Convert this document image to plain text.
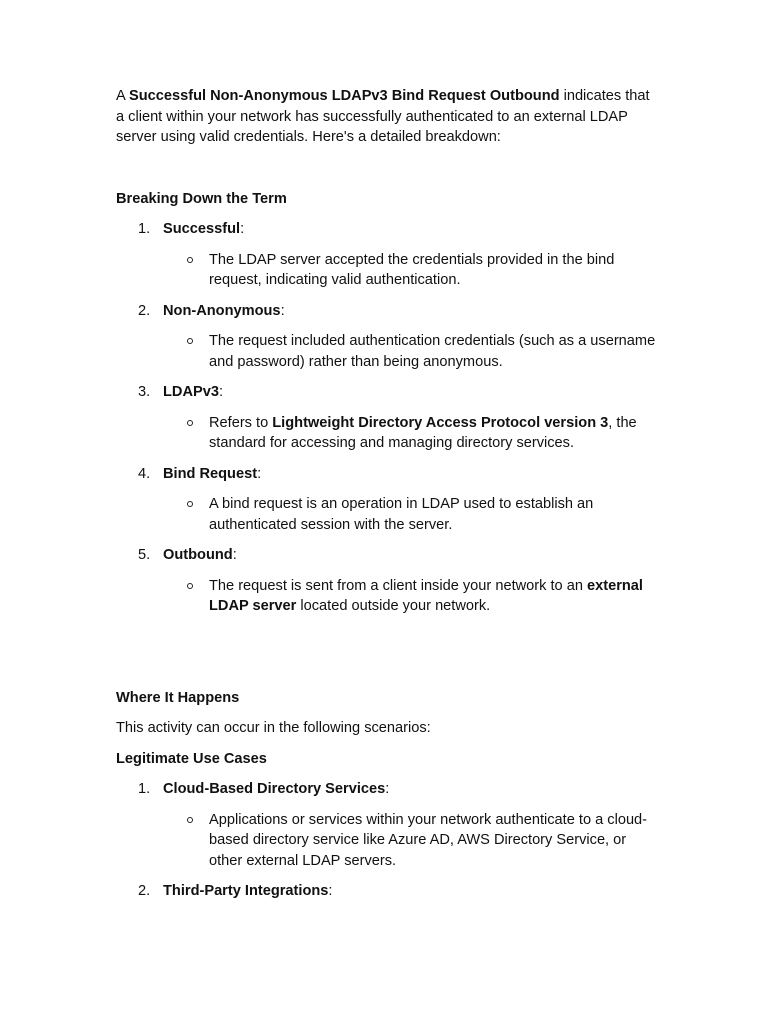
A Successful Non-Anonymous LDAPv3 Bind Request Outbound indicates that a client within your network has successfully authenticated to an external LDAP server using valid credentials. Here's a detailed breakdown:

Breaking Down the Term

1. Successful:
The LDAP server accepted the credentials provided in the bind request, indicating valid authentication.
2. Non-Anonymous:
The request included authentication credentials (such as a username and password) rather than being anonymous.
3. LDAPv3:
Refers to Lightweight Directory Access Protocol version 3, the standard for accessing and managing directory services.
4. Bind Request:
A bind request is an operation in LDAP used to establish an authenticated session with the server.
5. Outbound:
The request is sent from a client inside your network to an external LDAP server located outside your network.

Where It Happens

This activity can occur in the following scenarios:

Legitimate Use Cases

1. Cloud-Based Directory Services:
Applications or services within your network authenticate to a cloud-based directory service like Azure AD, AWS Directory Service, or other external LDAP servers.
2. Third-Party Integrations:
